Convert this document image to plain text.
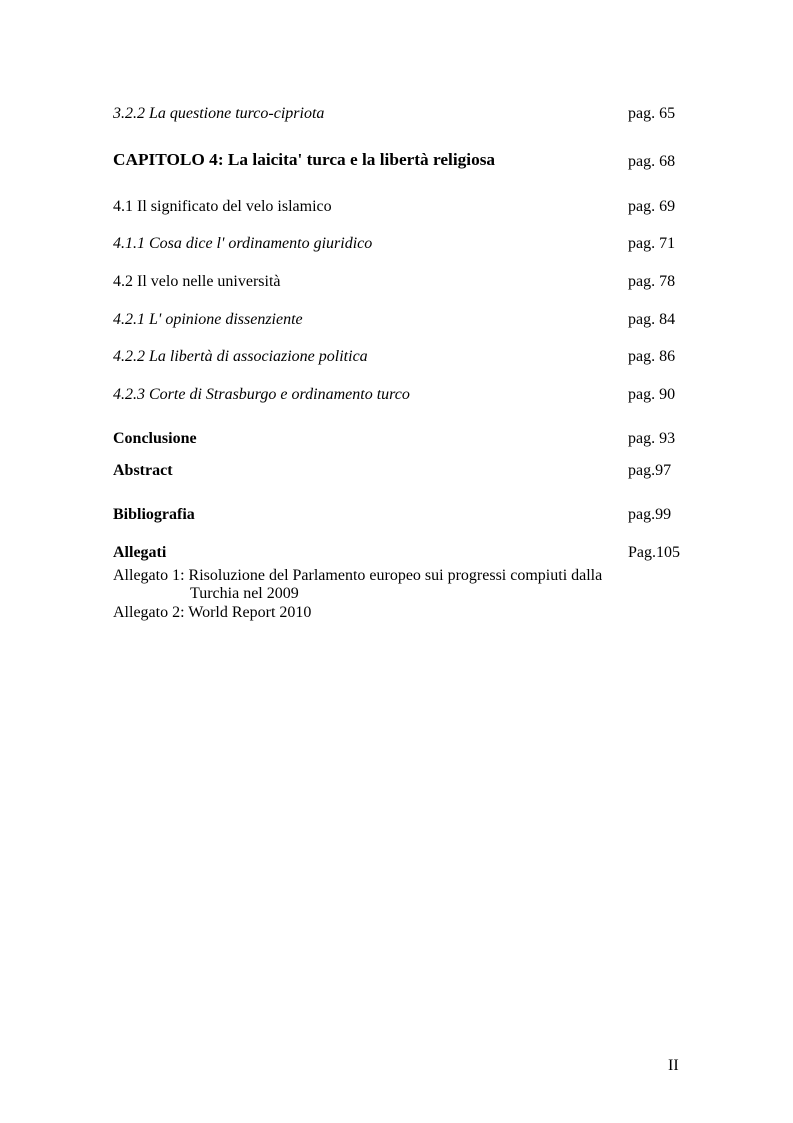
3.2.2 La questione turco-cipriota	pag. 65
CAPITOLO 4: La laicita' turca e la libertà religiosa	pag. 68
4.1 Il significato del velo islamico	pag. 69
4.1.1 Cosa dice l' ordinamento giuridico	pag. 71
4.2 Il velo nelle università	pag. 78
4.2.1 L' opinione dissenziente	pag. 84
4.2.2 La libertà di associazione politica	pag. 86
4.2.3 Corte di Strasburgo e ordinamento turco	pag. 90
Conclusione	pag. 93
Abstract	pag.97
Bibliografia	pag.99
Allegati	Pag.105
Allegato 1: Risoluzione del Parlamento europeo sui progressi compiuti dalla
Turchia nel 2009
Allegato 2: World Report 2010
II
